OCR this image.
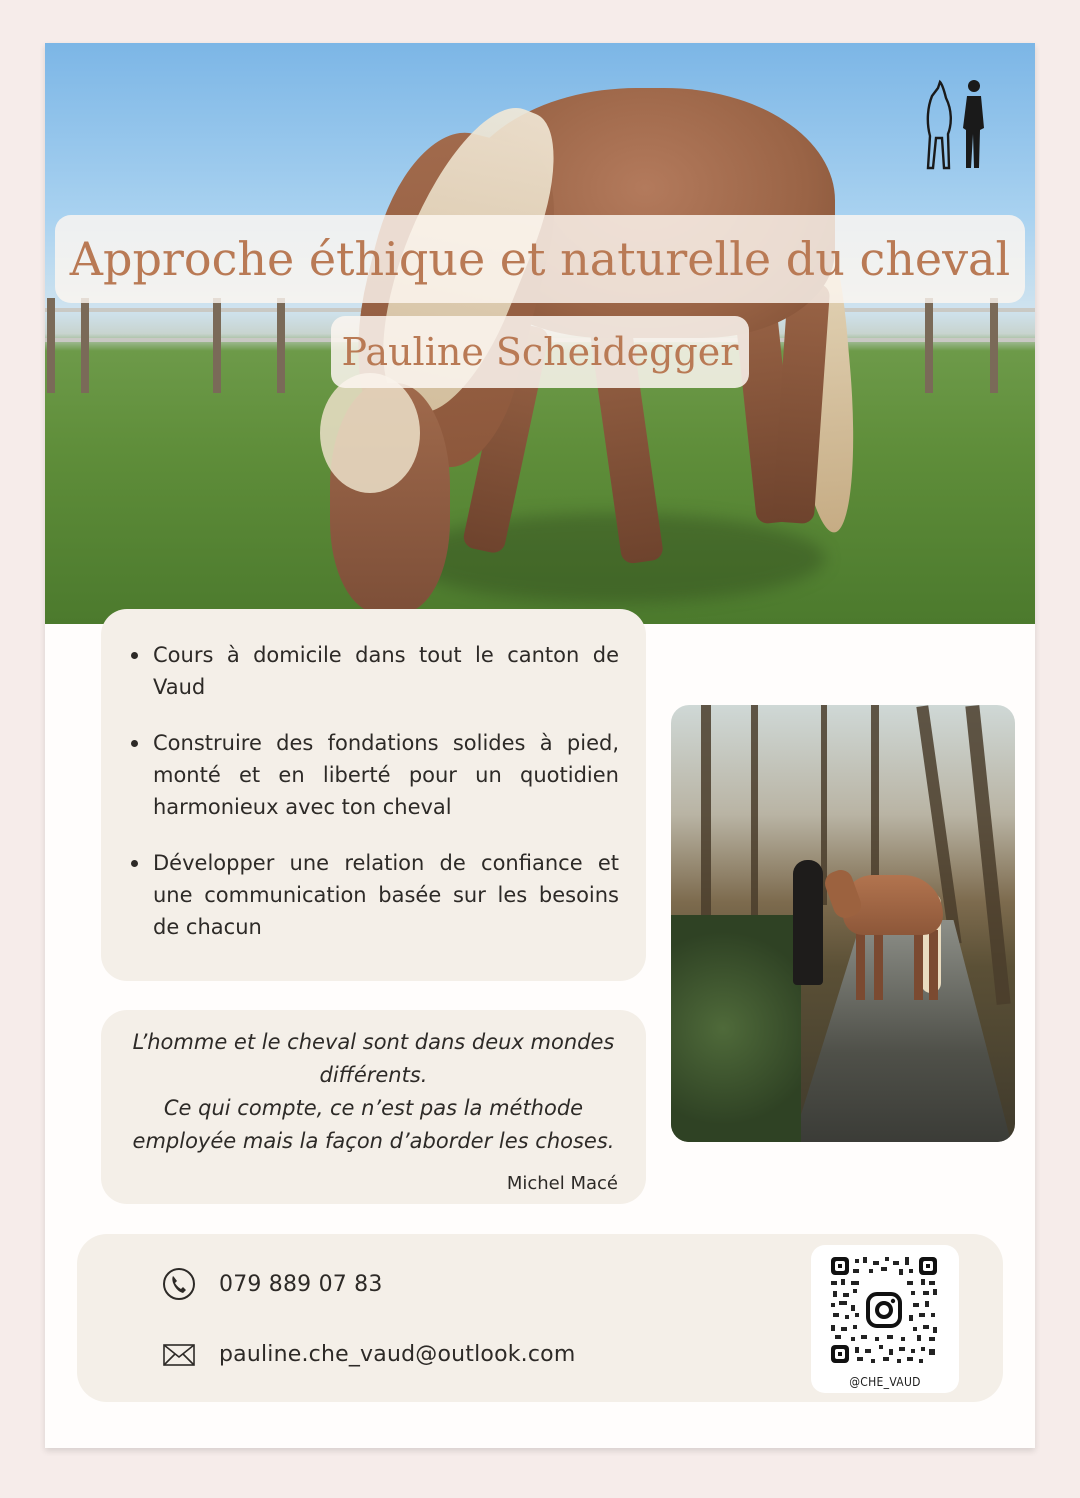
Approche éthique et naturelle du cheval
Pauline Scheidegger
Cours à domicile dans tout le canton de Vaud
Construire des fondations solides à pied, monté et en liberté pour un quotidien harmonieux avec ton cheval
Développer une relation de confiance et une communication basée sur les besoins de chacun

L’homme et le cheval sont dans deux mondes différents.

Ce qui compte, ce n’est pas la méthode employée mais la façon d’aborder les choses.

Michel Macé
079 889 07 83
pauline.che_vaud@outlook.com
@CHE_VAUD
